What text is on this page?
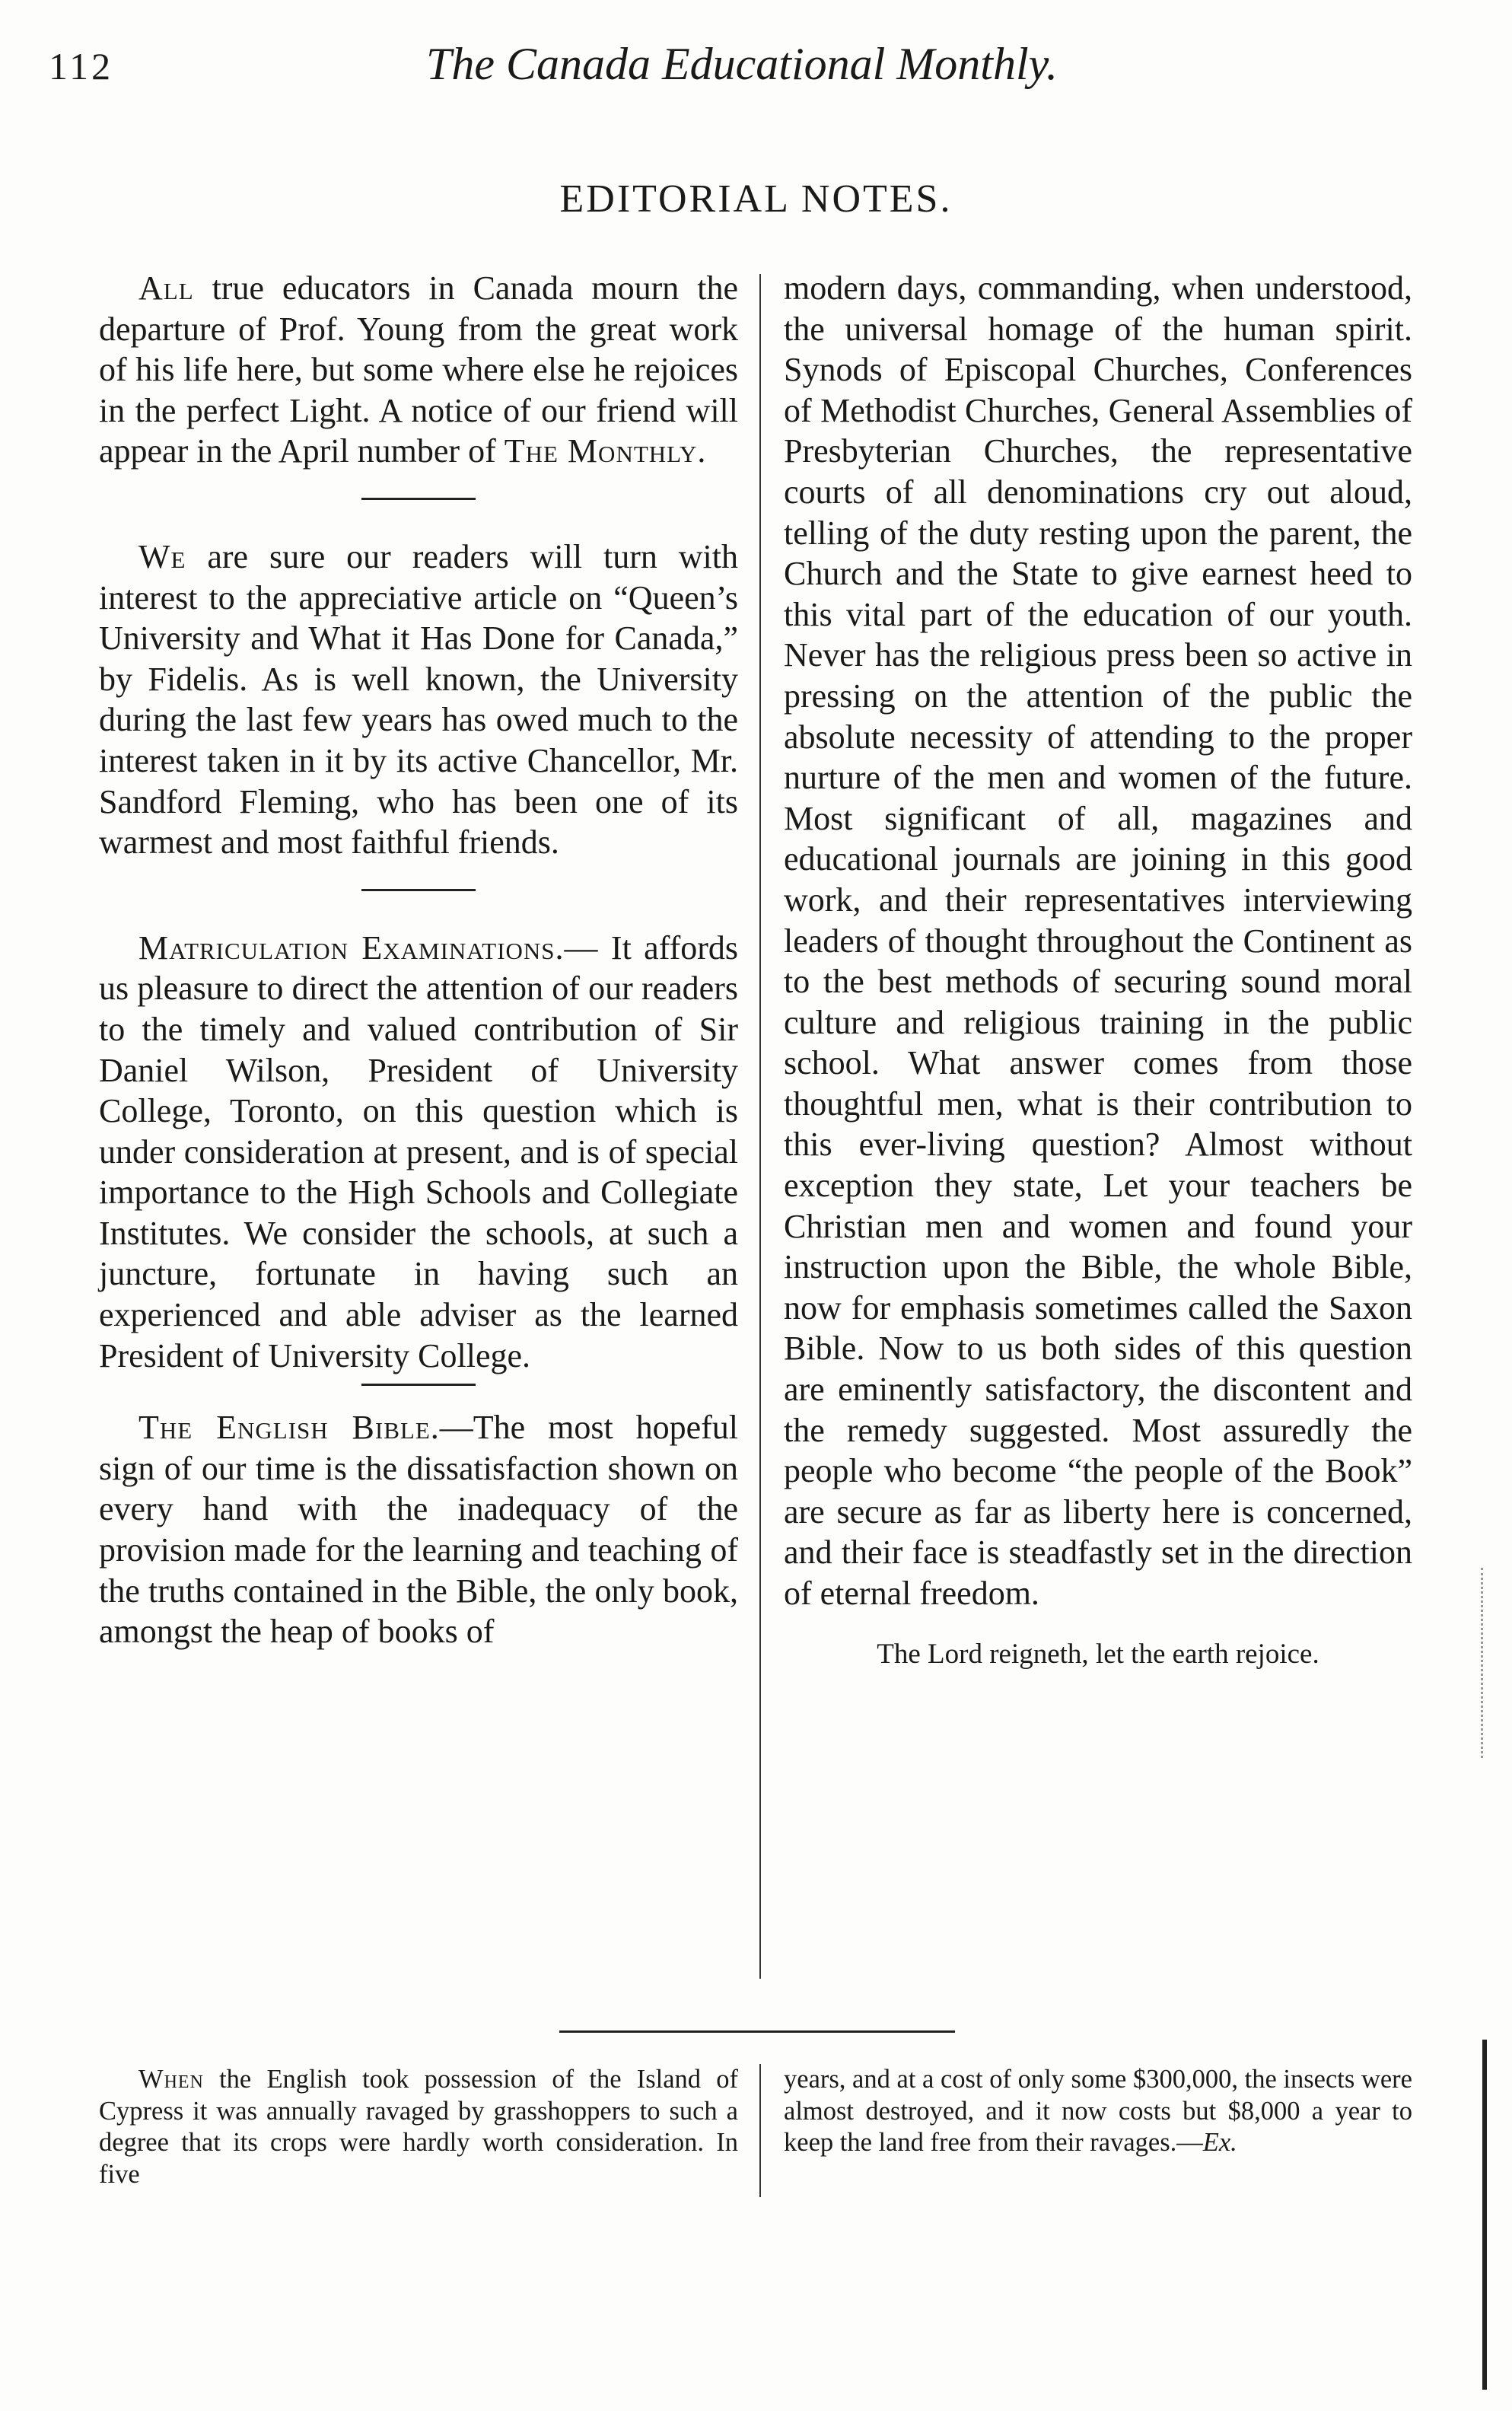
112	The Canada Educational Monthly.
EDITORIAL NOTES.

All true educators in Canada mourn the departure of Prof. Young from the great work of his life here, but some where else he rejoices in the perfect Light. A notice of our friend will appear in the April number of The Monthly.

We are sure our readers will turn with interest to the appreciative article on “Queen’s University and What it Has Done for Canada,” by Fidelis. As is well known, the University during the last few years has owed much to the interest taken in it by its active Chancellor, Mr. Sandford Fleming, who has been one of its warmest and most faithful friends.

Matriculation Examinations.— It affords us pleasure to direct the attention of our readers to the timely and valued contribution of Sir Daniel Wilson, President of University College, Toronto, on this question which is under consideration at present, and is of special importance to the High Schools and Collegiate Institutes. We consider the schools, at such a juncture, fortunate in having such an experienced and able adviser as the learned President of University College.

The English Bible.—The most hopeful sign of our time is the dissatisfaction shown on every hand with the inadequacy of the provision made for the learning and teaching of the truths contained in the Bible, the only book, amongst the heap of books of

modern days, commanding, when understood, the universal homage of the human spirit. Synods of Episcopal Churches, Conferences of Methodist Churches, General Assemblies of Presbyterian Churches, the representative courts of all denominations cry out aloud, telling of the duty resting upon the parent, the Church and the State to give earnest heed to this vital part of the education of our youth. Never has the religious press been so active in pressing on the attention of the public the absolute necessity of attending to the proper nurture of the men and women of the future. Most significant of all, magazines and educational journals are joining in this good work, and their representatives interviewing leaders of thought throughout the Continent as to the best methods of securing sound moral culture and religious training in the public school. What answer comes from those thoughtful men, what is their contribution to this ever-living question? Almost without exception they state, Let your teachers be Christian men and women and found your instruction upon the Bible, the whole Bible, now for emphasis sometimes called the Saxon Bible. Now to us both sides of this question are eminently satisfactory, the discontent and the remedy suggested. Most assuredly the people who become “the people of the Book” are secure as far as liberty here is concerned, and their face is steadfastly set in the direction of eternal freedom.

The Lord reigneth, let the earth rejoice.

When the English took possession of the Island of Cypress it was annually ravaged by grasshoppers to such a degree that its crops were hardly worth consideration. In five

years, and at a cost of only some $300,000, the insects were almost destroyed, and it now costs but $8,000 a year to keep the land free from their ravages.—Ex.
